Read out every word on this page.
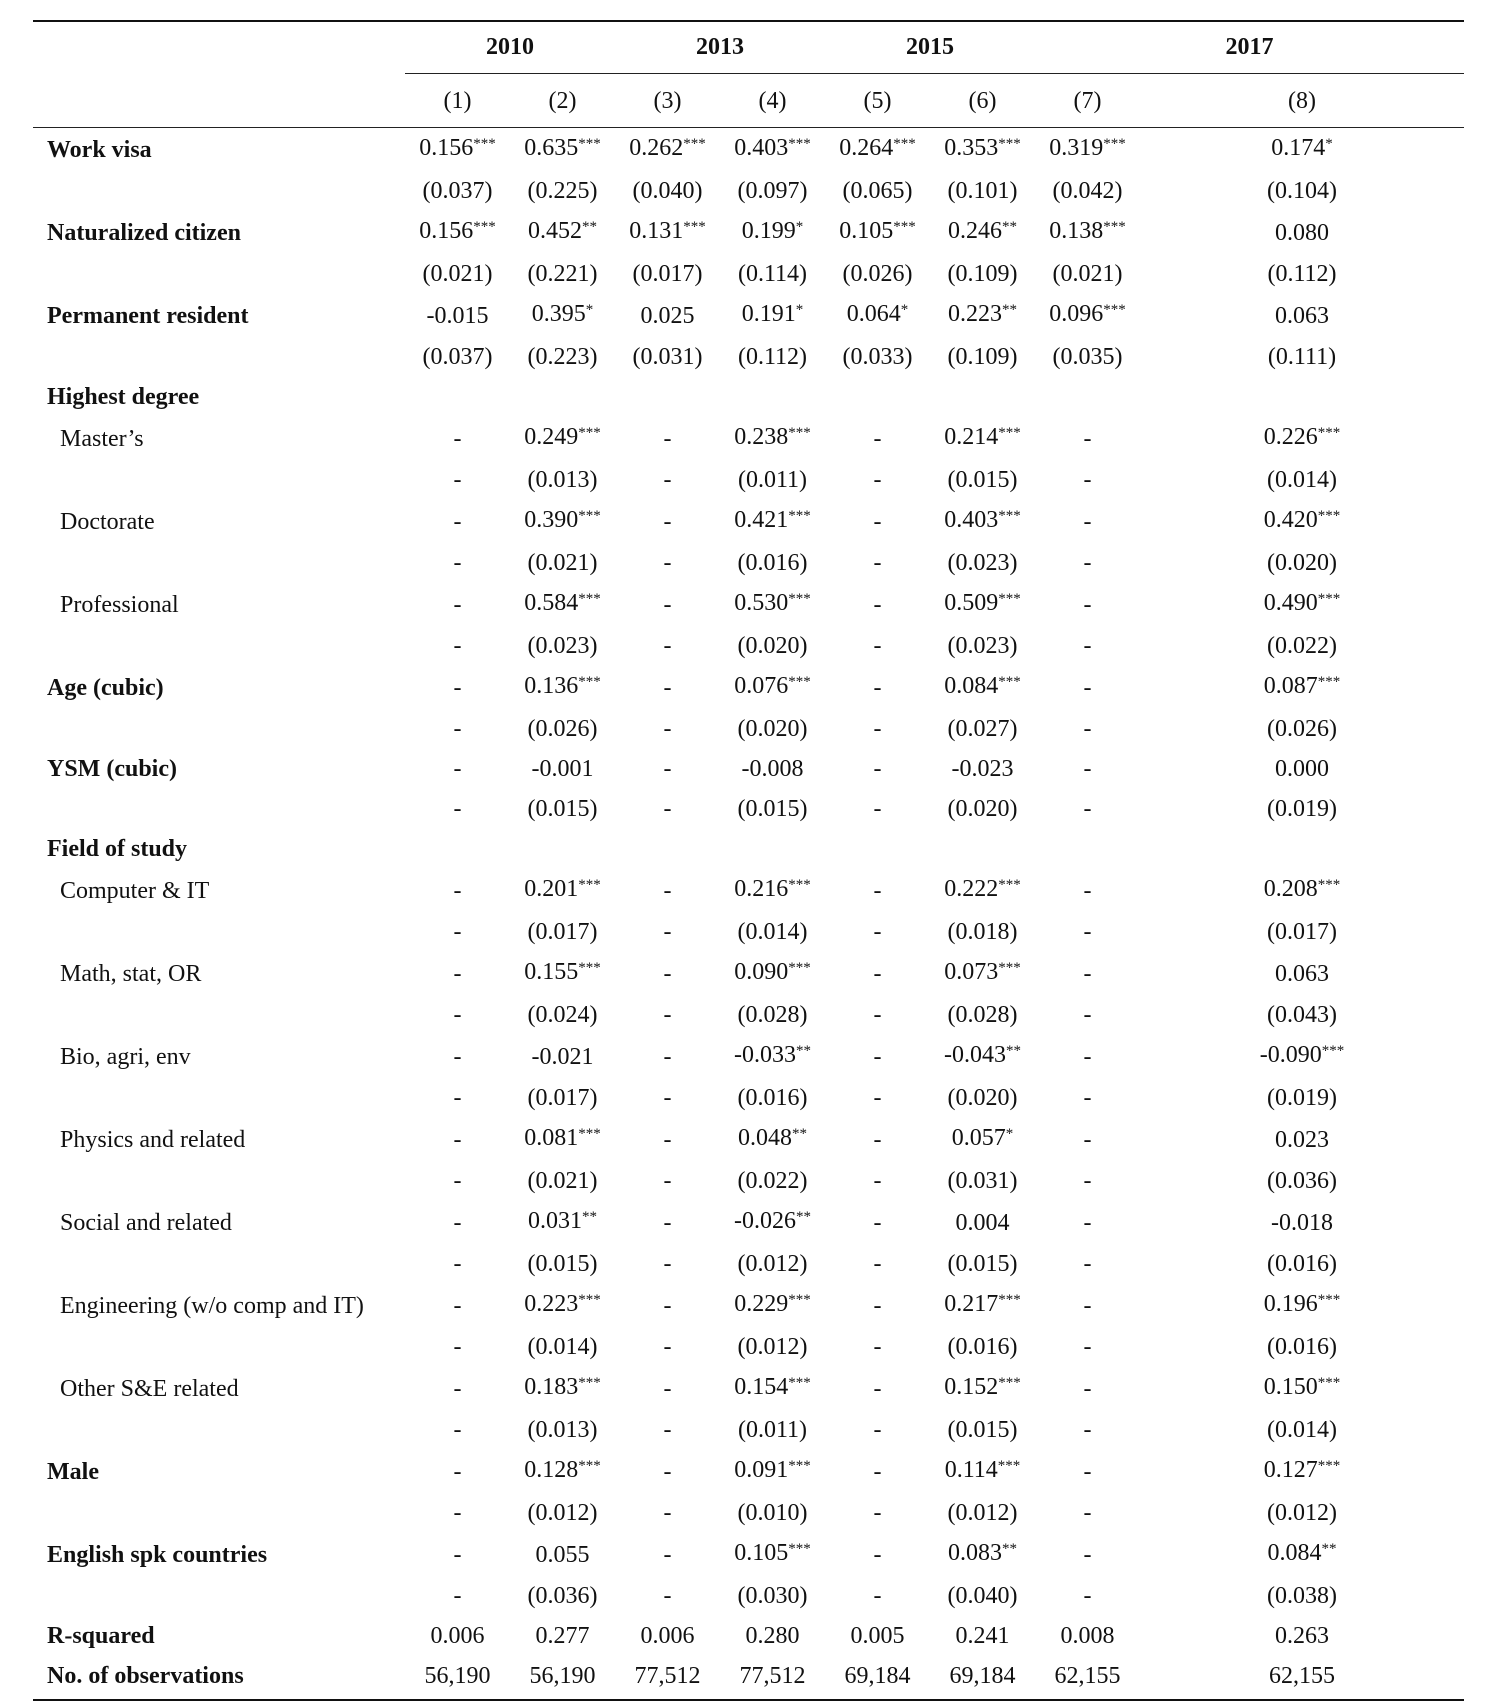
	2010		2013		2015		2017	
	(1)	(2)	(3)	(4)	(5)	(6)	(7)	(8)
Work visa	0.156***	0.635***	0.262***	0.403***	0.264***	0.353***	0.319***	0.174*
	(0.037)	(0.225)	(0.040)	(0.097)	(0.065)	(0.101)	(0.042)	(0.104)
Naturalized citizen	0.156***	0.452**	0.131***	0.199*	0.105***	0.246**	0.138***	0.080
	(0.021)	(0.221)	(0.017)	(0.114)	(0.026)	(0.109)	(0.021)	(0.112)
Permanent resident	-0.015	0.395*	0.025	0.191*	0.064*	0.223**	0.096***	0.063
	(0.037)	(0.223)	(0.031)	(0.112)	(0.033)	(0.109)	(0.035)	(0.111)
Highest degree								
Master’s	-	0.249***	-	0.238***	-	0.214***	-	0.226***
	-	(0.013)	-	(0.011)	-	(0.015)	-	(0.014)
Doctorate	-	0.390***	-	0.421***	-	0.403***	-	0.420***
	-	(0.021)	-	(0.016)	-	(0.023)	-	(0.020)
Professional	-	0.584***	-	0.530***	-	0.509***	-	0.490***
	-	(0.023)	-	(0.020)	-	(0.023)	-	(0.022)
Age (cubic)	-	0.136***	-	0.076***	-	0.084***	-	0.087***
	-	(0.026)	-	(0.020)	-	(0.027)	-	(0.026)
YSM (cubic)	-	-0.001	-	-0.008	-	-0.023	-	0.000
	-	(0.015)	-	(0.015)	-	(0.020)	-	(0.019)
Field of study								
Computer & IT	-	0.201***	-	0.216***	-	0.222***	-	0.208***
	-	(0.017)	-	(0.014)	-	(0.018)	-	(0.017)
Math, stat, OR	-	0.155***	-	0.090***	-	0.073***	-	0.063
	-	(0.024)	-	(0.028)	-	(0.028)	-	(0.043)
Bio, agri, env	-	-0.021	-	-0.033**	-	-0.043**	-	-0.090***
	-	(0.017)	-	(0.016)	-	(0.020)	-	(0.019)
Physics and related	-	0.081***	-	0.048**	-	0.057*	-	0.023
	-	(0.021)	-	(0.022)	-	(0.031)	-	(0.036)
Social and related	-	0.031**	-	-0.026**	-	0.004	-	-0.018
	-	(0.015)	-	(0.012)	-	(0.015)	-	(0.016)
Engineering (w/o comp and IT)	-	0.223***	-	0.229***	-	0.217***	-	0.196***
	-	(0.014)	-	(0.012)	-	(0.016)	-	(0.016)
Other S&E related	-	0.183***	-	0.154***	-	0.152***	-	0.150***
	-	(0.013)	-	(0.011)	-	(0.015)	-	(0.014)
Male	-	0.128***	-	0.091***	-	0.114***	-	0.127***
	-	(0.012)	-	(0.010)	-	(0.012)	-	(0.012)
English spk countries	-	0.055	-	0.105***	-	0.083**	-	0.084**
	-	(0.036)	-	(0.030)	-	(0.040)	-	(0.038)
R-squared	0.006	0.277	0.006	0.280	0.005	0.241	0.008	0.263
No. of observations	56,190	56,190	77,512	77,512	69,184	69,184	62,155	62,155
